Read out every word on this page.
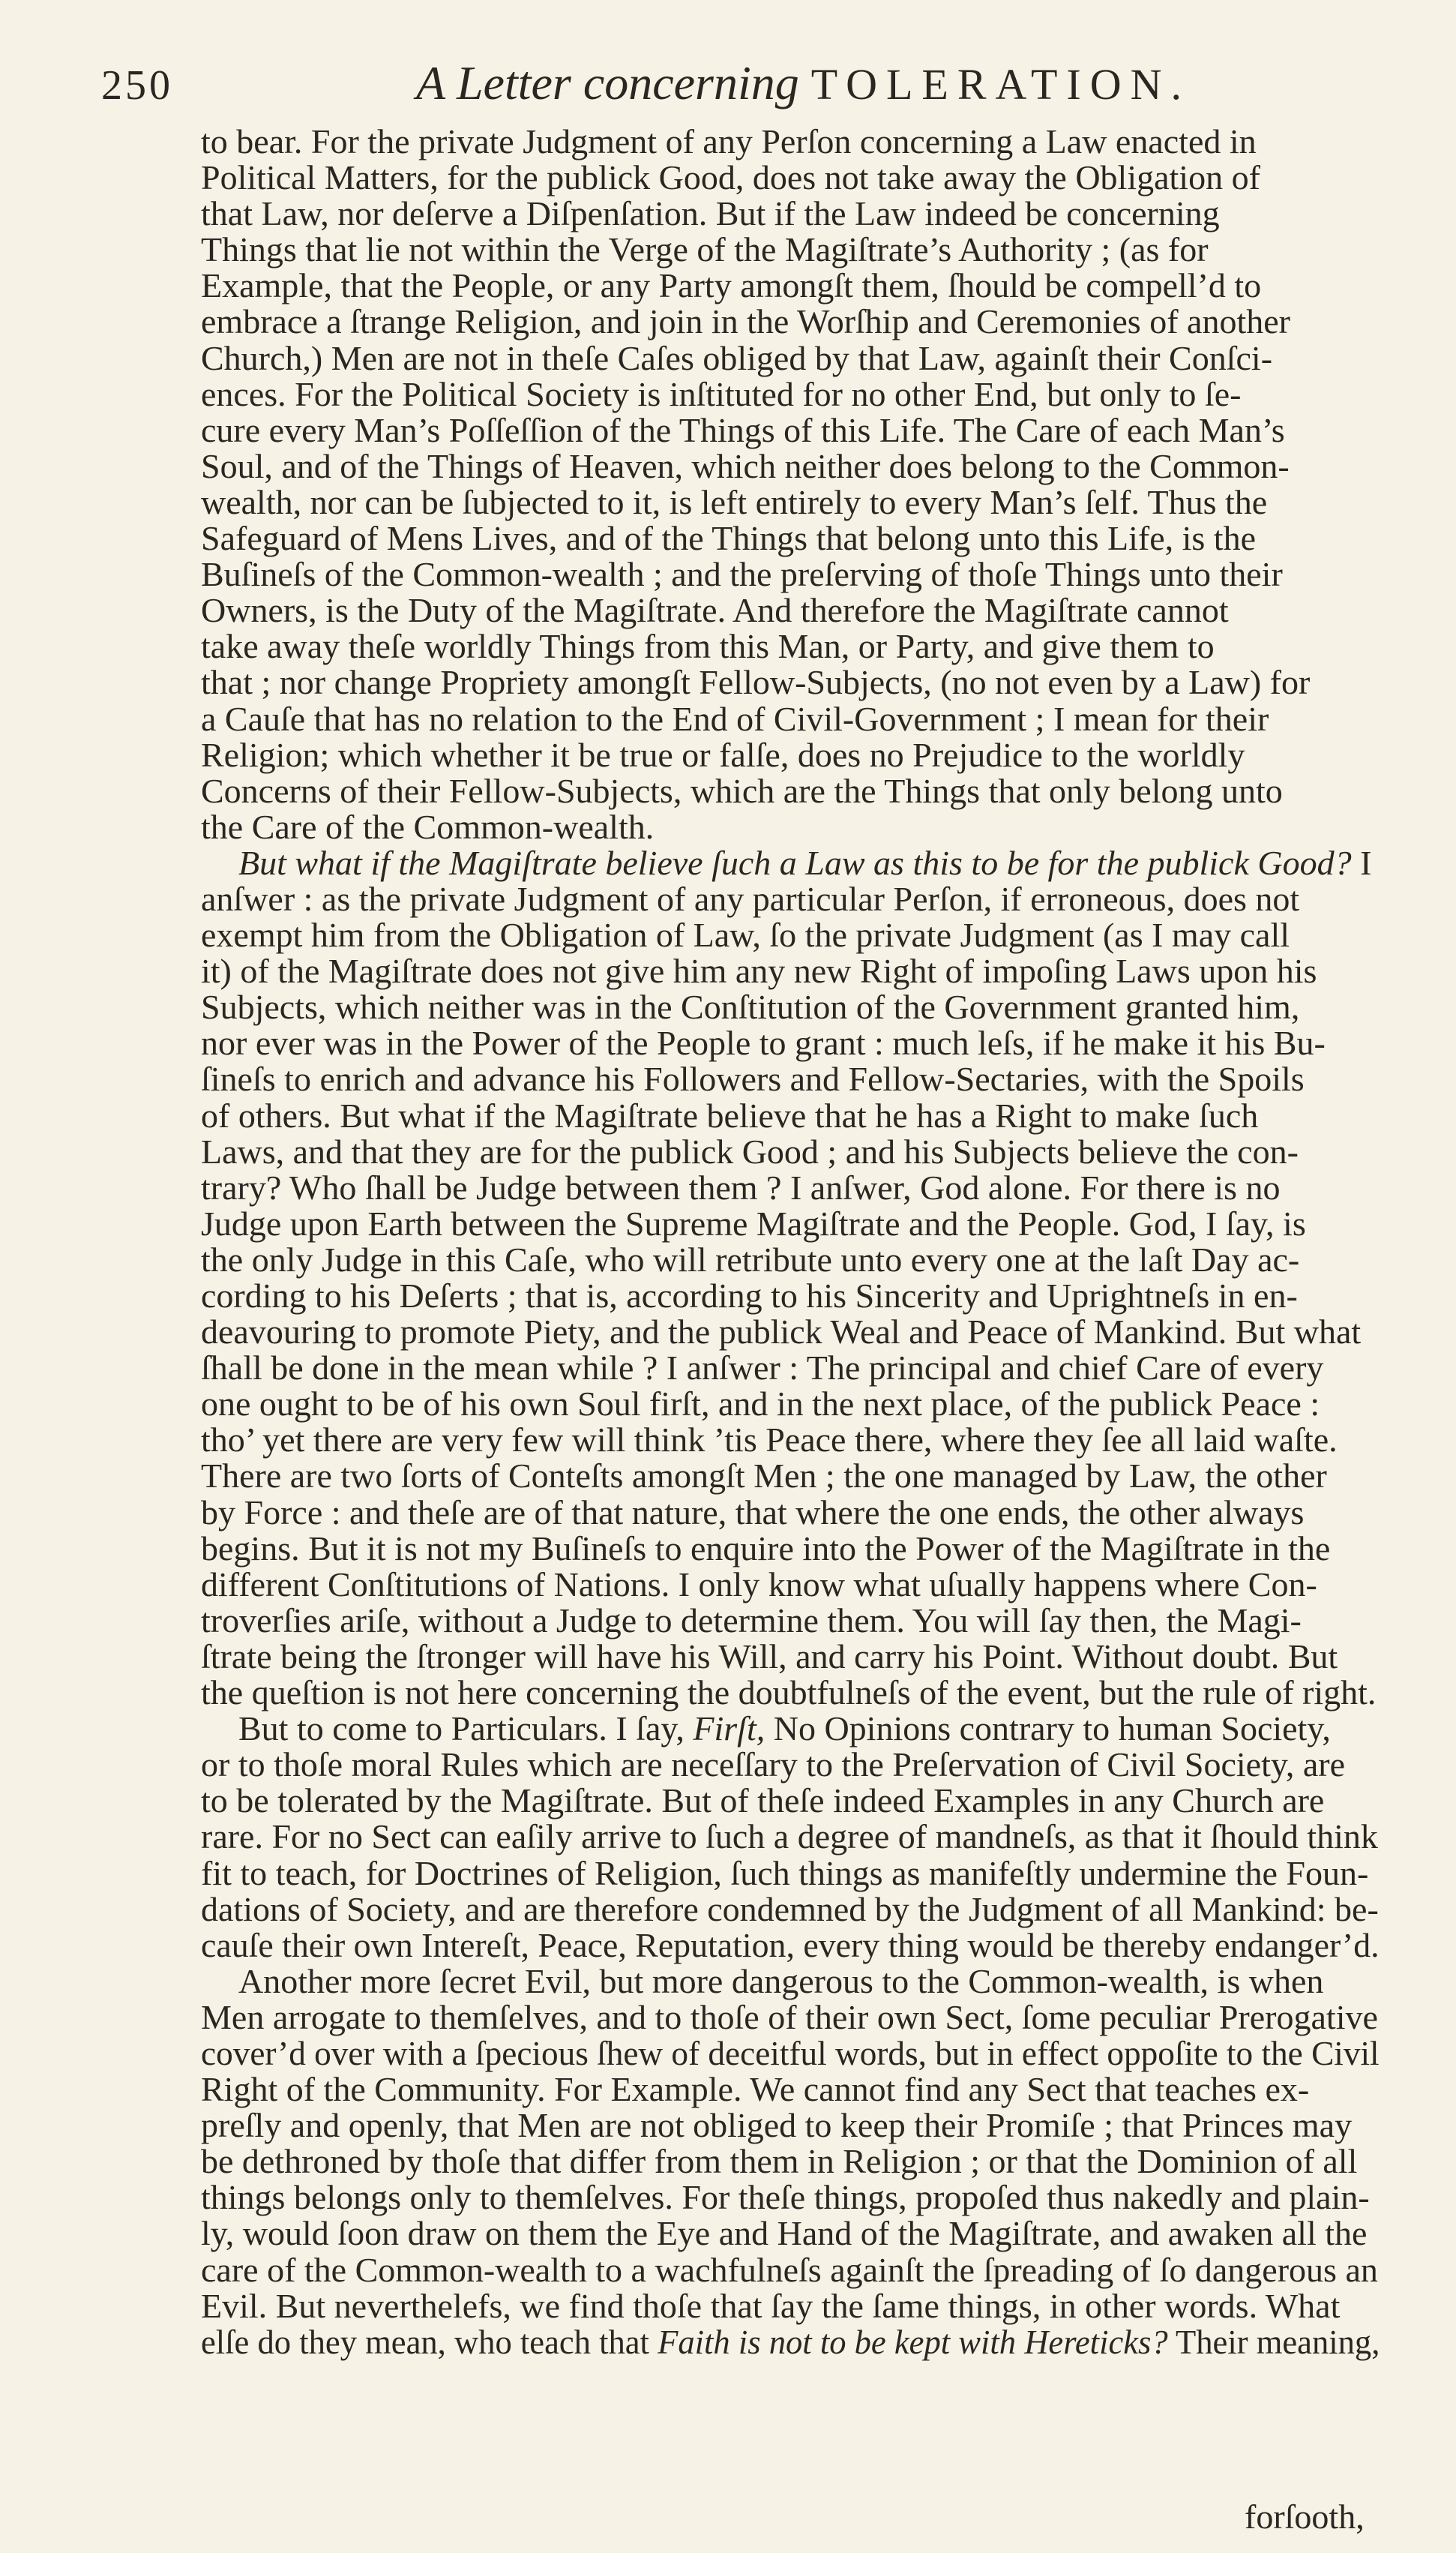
250	A Letter concerning TOLERATION.
to bear. For the private Judgment of any Perſon concerning a Law enacted in
Political Matters, for the publick Good, does not take away the Obligation of
that Law, nor deſerve a Diſpenſation. But if the Law indeed be concerning
Things that lie not within the Verge of the Magiſtrate’s Authority ; (as for
Example, that the People, or any Party amongſt them, ſhould be compell’d to
embrace a ſtrange Religion, and join in the Worſhip and Ceremonies of another
Church,) Men are not in theſe Caſes obliged by that Law, againſt their Conſci-
ences. For the Political Society is inſtituted for no other End, but only to ſe-
cure every Man’s Poſſeſſion of the Things of this Life. The Care of each Man’s
Soul, and of the Things of Heaven, which neither does belong to the Common-
wealth, nor can be ſubjected to it, is left entirely to every Man’s ſelf. Thus the
Safeguard of Mens Lives, and of the Things that belong unto this Life, is the
Buſineſs of the Common-wealth ; and the preſerving of thoſe Things unto their
Owners, is the Duty of the Magiſtrate. And therefore the Magiſtrate cannot
take away theſe worldly Things from this Man, or Party, and give them to
that ; nor change Propriety amongſt Fellow-Subjects, (no not even by a Law) for
a Cauſe that has no relation to the End of Civil-Government ; I mean for their
Religion; which whether it be true or falſe, does no Prejudice to the worldly
Concerns of their Fellow-Subjects, which are the Things that only belong unto
the Care of the Common-wealth.
But what if the Magiſtrate believe ſuch a Law as this to be for the publick Good? I
anſwer : as the private Judgment of any particular Perſon, if erroneous, does not
exempt him from the Obligation of Law, ſo the private Judgment (as I may call
it) of the Magiſtrate does not give him any new Right of impoſing Laws upon his
Subjects, which neither was in the Conſtitution of the Government granted him,
nor ever was in the Power of the People to grant : much leſs, if he make it his Bu-
ſineſs to enrich and advance his Followers and Fellow-Sectaries, with the Spoils
of others. But what if the Magiſtrate believe that he has a Right to make ſuch
Laws, and that they are for the publick Good ; and his Subjects believe the con-
trary? Who ſhall be Judge between them ? I anſwer, God alone. For there is no
Judge upon Earth between the Supreme Magiſtrate and the People. God, I ſay, is
the only Judge in this Caſe, who will retribute unto every one at the laſt Day ac-
cording to his Deſerts ; that is, according to his Sincerity and Uprightneſs in en-
deavouring to promote Piety, and the publick Weal and Peace of Mankind. But what
ſhall be done in the mean while ? I anſwer : The principal and chief Care of every
one ought to be of his own Soul firſt, and in the next place, of the publick Peace :
tho’ yet there are very few will think ’tis Peace there, where they ſee all laid waſte.
There are two ſorts of Conteſts amongſt Men ; the one managed by Law, the other
by Force : and theſe are of that nature, that where the one ends, the other always
begins. But it is not my Buſineſs to enquire into the Power of the Magiſtrate in the
different Conſtitutions of Nations. I only know what uſually happens where Con-
troverſies ariſe, without a Judge to determine them. You will ſay then, the Magi-
ſtrate being the ſtronger will have his Will, and carry his Point. Without doubt. But
the queſtion is not here concerning the doubtfulneſs of the event, but the rule of right.
But to come to Particulars. I ſay, Firſt, No Opinions contrary to human Society,
or to thoſe moral Rules which are neceſſary to the Preſervation of Civil Society, are
to be tolerated by the Magiſtrate. But of theſe indeed Examples in any Church are
rare. For no Sect can eaſily arrive to ſuch a degree of mandneſs, as that it ſhould think
fit to teach, for Doctrines of Religion, ſuch things as manifeſtly undermine the Foun-
dations of Society, and are therefore condemned by the Judgment of all Mankind: be-
cauſe their own Intereſt, Peace, Reputation, every thing would be thereby endanger’d.
Another more ſecret Evil, but more dangerous to the Common-wealth, is when
Men arrogate to themſelves, and to thoſe of their own Sect, ſome peculiar Prerogative
cover’d over with a ſpecious ſhew of deceitful words, but in effect oppoſite to the Civil
Right of the Community. For Example. We cannot find any Sect that teaches ex-
preſly and openly, that Men are not obliged to keep their Promiſe ; that Princes may
be dethroned by thoſe that differ from them in Religion ; or that the Dominion of all
things belongs only to themſelves. For theſe things, propoſed thus nakedly and plain-
ly, would ſoon draw on them the Eye and Hand of the Magiſtrate, and awaken all the
care of the Common-wealth to a wachfulneſs againſt the ſpreading of ſo dangerous an
Evil. But neverthelefs, we find thoſe that ſay the ſame things, in other words. What
elſe do they mean, who teach that Faith is not to be kept with Hereticks? Their meaning,
forſooth,
